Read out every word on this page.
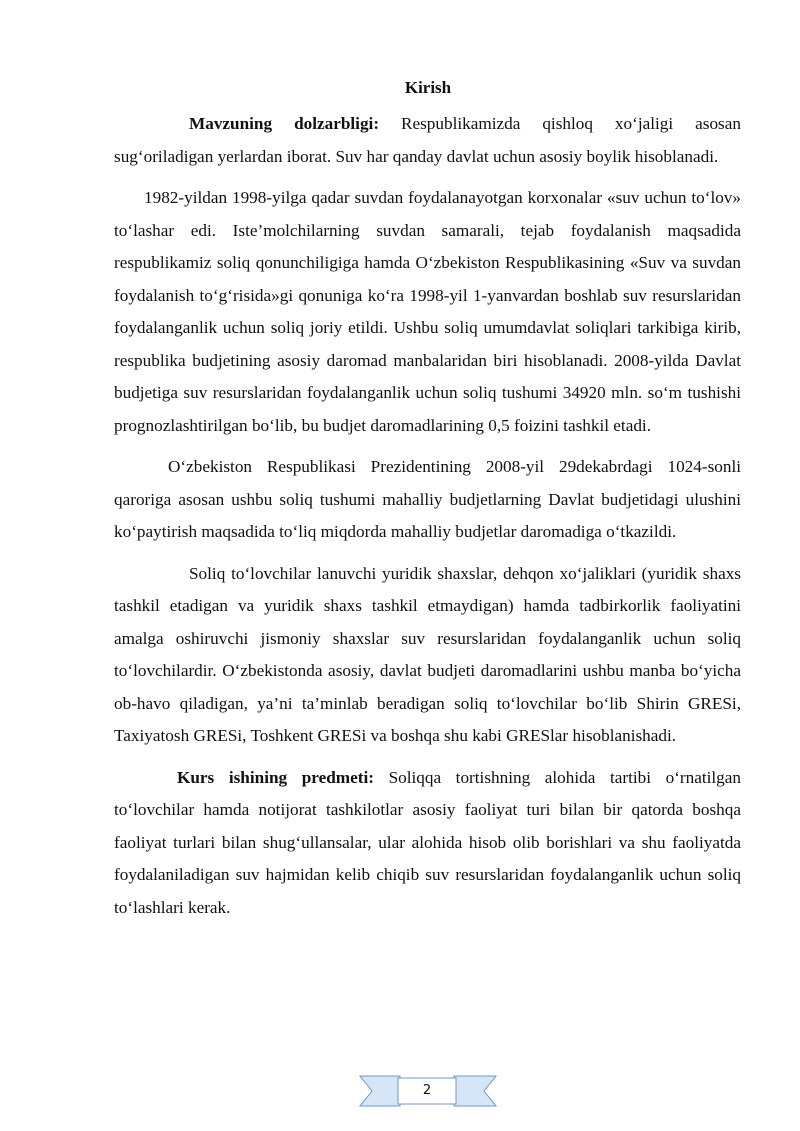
Kirish

Mavzuning dolzarbligi: Respublikamizda qishloq xo‘jaligi asosan sug‘oriladigan yerlardan iborat. Suv har qanday davlat uchun asosiy boylik hisoblanadi.

1982-yildan 1998-yilga qadar suvdan foydalanayotgan korxonalar «suv uchun to‘lov» to‘lashar edi. Iste’molchilarning suvdan samarali, tejab foydalanish maqsadida respublikamiz soliq qonunchiligiga hamda O‘zbekiston Respublikasining «Suv va suvdan foydalanish to‘g‘risida»gi qonuniga ko‘ra 1998-yil 1-yanvardan boshlab suv resurslaridan foydalanganlik uchun soliq joriy etildi. Ushbu soliq umumdavlat soliqlari tarkibiga kirib, respublika budjetining asosiy daromad manbalaridan biri hisoblanadi. 2008-yilda Davlat budjetiga suv resurslaridan foydalanganlik uchun soliq tushumi 34920 mln. so‘m tushishi prognozlashtirilgan bo‘lib, bu budjet daromadlarining 0,5 foizini tashkil etadi.

O‘zbekiston Respublikasi Prezidentining 2008-yil 29dekabrdagi 1024-sonli qaroriga asosan ushbu soliq tushumi mahalliy budjetlarning Davlat budjetidagi ulushini ko‘paytirish maqsadida to‘liq miqdorda mahalliy budjetlar daromadiga o‘tkazildi.

Soliq to‘lovchilar lanuvchi yuridik shaxslar, dehqon xo‘jaliklari (yuridik shaxs tashkil etadigan va yuridik shaxs tashkil etmaydigan) hamda tadbirkorlik faoliyatini amalga oshiruvchi jismoniy shaxslar suv resurslaridan foydalanganlik uchun soliq to‘lovchilardir. O‘zbekistonda asosiy, davlat budjeti daromadlarini ushbu manba bo‘yicha ob-havo qiladigan, ya’ni ta’minlab beradigan soliq to‘lovchilar bo‘lib Shirin GRESi, Taxiyatosh GRESi, Toshkent GRESi va boshqa shu kabi GRESlar hisoblanishadi.

Kurs ishining predmeti: Soliqqa tortishning alohida tartibi o‘rnatilgan to‘lovchilar hamda notijorat tashkilotlar asosiy faoliyat turi bilan bir qatorda boshqa faoliyat turlari bilan shug‘ullansalar, ular alohida hisob olib borishlari va shu faoliyatda foydalaniladigan suv hajmidan kelib chiqib suv resurslaridan foydalanganlik uchun soliq to‘lashlari kerak.

2
